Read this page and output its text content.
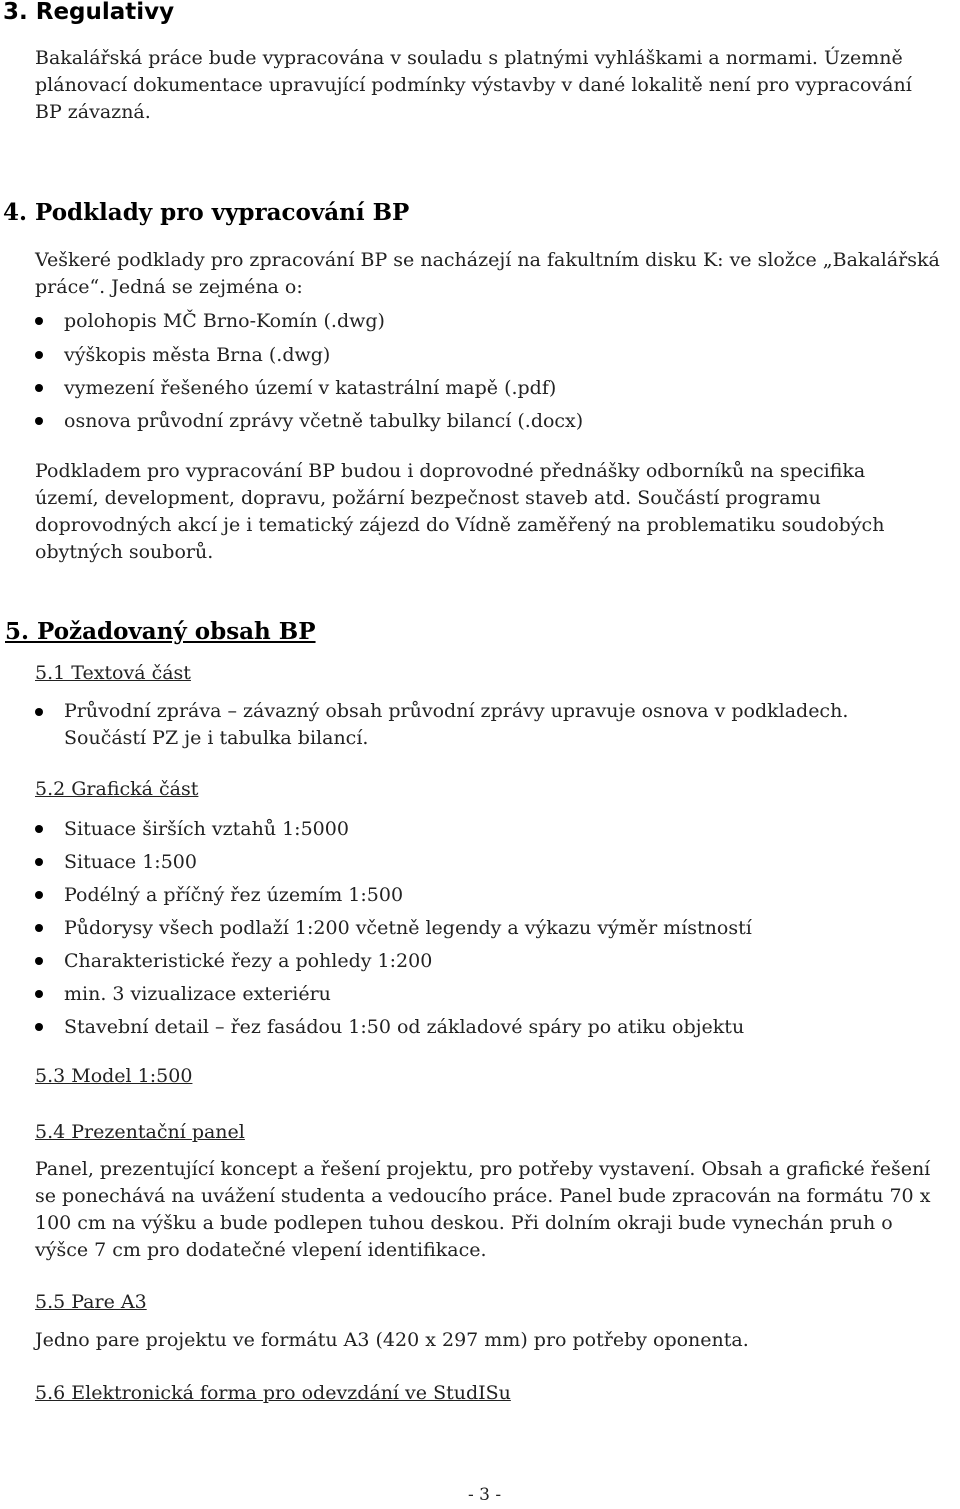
3. Regulativy
Bakalářská práce bude vypracována v souladu s platnými vyhláškami a normami. Územně
plánovací dokumentace upravující podmínky výstavby v dané lokalitě není pro vypracování
BP závazná.
4. Podklady pro vypracování BP
Veškeré podklady pro zpracování BP se nacházejí na fakultním disku K: ve složce „Bakalářská
práce“. Jedná se zejména o:
polohopis MČ Brno-Komín (.dwg)
výškopis města Brna (.dwg)
vymezení řešeného území v katastrální mapě (.pdf)
osnova průvodní zprávy včetně tabulky bilancí (.docx)
Podkladem pro vypracování BP budou i doprovodné přednášky odborníků na specifika
území, development, dopravu, požární bezpečnost staveb atd. Součástí programu
doprovodných akcí je i tematický zájezd do Vídně zaměřený na problematiku soudobých
obytných souborů.
5. Požadovaný obsah BP
5.1 Textová část
Průvodní zpráva – závazný obsah průvodní zprávy upravuje osnova v podkladech.
Součástí PZ je i tabulka bilancí.
5.2 Grafická část
Situace širších vztahů 1:5000
Situace 1:500
Podélný a příčný řez územím 1:500
Půdorysy všech podlaží 1:200 včetně legendy a výkazu výměr místností
Charakteristické řezy a pohledy 1:200
min. 3 vizualizace exteriéru
Stavební detail – řez fasádou 1:50 od základové spáry po atiku objektu
5.3 Model 1:500
5.4 Prezentační panel
Panel, prezentující koncept a řešení projektu, pro potřeby vystavení. Obsah a grafické řešení
se ponechává na uvážení studenta a vedoucího práce. Panel bude zpracován na formátu 70 x
100 cm na výšku a bude podlepen tuhou deskou. Při dolním okraji bude vynechán pruh o
výšce 7 cm pro dodatečné vlepení identifikace.
5.5 Pare A3
Jedno pare projektu ve formátu A3 (420 x 297 mm) pro potřeby oponenta.
5.6 Elektronická forma pro odevzdání ve StudISu
- 3 -
